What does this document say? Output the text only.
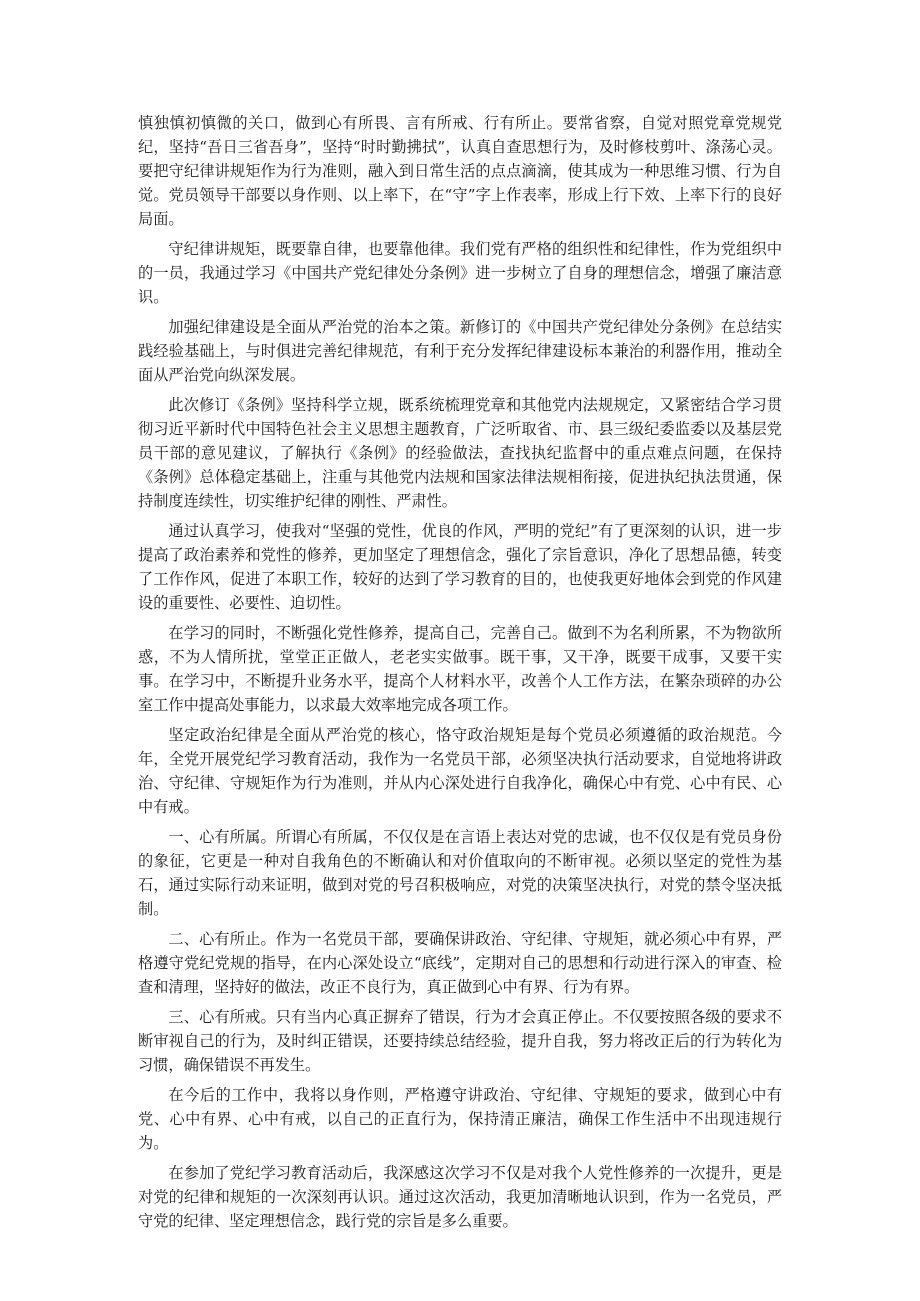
慎独慎初慎微的关口，做到心有所畏、言有所戒、行有所止。要常省察，自觉对照党章党规党纪，坚持“吾日三省吾身”，坚持“时时勤拂拭”，认真自查思想行为，及时修枝剪叶、涤荡心灵。要把守纪律讲规矩作为行为准则，融入到日常生活的点点滴滴，使其成为一种思维习惯、行为自觉。党员领导干部要以身作则、以上率下，在“守”字上作表率，形成上行下效、上率下行的良好局面。

守纪律讲规矩，既要靠自律，也要靠他律。我们党有严格的组织性和纪律性，作为党组织中的一员，我通过学习《中国共产党纪律处分条例》进一步树立了自身的理想信念，增强了廉洁意识。

加强纪律建设是全面从严治党的治本之策。新修订的《中国共产党纪律处分条例》在总结实践经验基础上，与时俱进完善纪律规范，有利于充分发挥纪律建设标本兼治的利器作用，推动全面从严治党向纵深发展。

此次修订《条例》坚持科学立规，既系统梳理党章和其他党内法规规定，又紧密结合学习贯彻习近平新时代中国特色社会主义思想主题教育，广泛听取省、市、县三级纪委监委以及基层党员干部的意见建议，了解执行《条例》的经验做法，查找执纪监督中的重点难点问题，在保持《条例》总体稳定基础上，注重与其他党内法规和国家法律法规相衔接，促进执纪执法贯通，保持制度连续性，切实维护纪律的刚性、严肃性。

通过认真学习，使我对“坚强的党性，优良的作风，严明的党纪”有了更深刻的认识，进一步提高了政治素养和党性的修养，更加坚定了理想信念，强化了宗旨意识，净化了思想品德，转变了工作作风，促进了本职工作，较好的达到了学习教育的目的，也使我更好地体会到党的作风建设的重要性、必要性、迫切性。

在学习的同时，不断强化党性修养，提高自己，完善自己。做到不为名利所累，不为物欲所惑，不为人情所扰，堂堂正正做人，老老实实做事。既干事，又干净，既要干成事，又要干实事。在学习中，不断提升业务水平，提高个人材料水平，改善个人工作方法，在繁杂琐碎的办公室工作中提高处事能力，以求最大效率地完成各项工作。

坚定政治纪律是全面从严治党的核心，恪守政治规矩是每个党员必须遵循的政治规范。今年，全党开展党纪学习教育活动，我作为一名党员干部，必须坚决执行活动要求，自觉地将讲政治、守纪律、守规矩作为行为准则，并从内心深处进行自我净化，确保心中有党、心中有民、心中有戒。

一、心有所属。所谓心有所属，不仅仅是在言语上表达对党的忠诚，也不仅仅是有党员身份的象征，它更是一种对自我角色的不断确认和对价值取向的不断审视。必须以坚定的党性为基石，通过实际行动来证明，做到对党的号召积极响应，对党的决策坚决执行，对党的禁令坚决抵制。

二、心有所止。作为一名党员干部，要确保讲政治、守纪律、守规矩，就必须心中有界，严格遵守党纪党规的指导，在内心深处设立“底线”，定期对自己的思想和行动进行深入的审查、检查和清理，坚持好的做法，改正不良行为，真正做到心中有界、行为有界。

三、心有所戒。只有当内心真正摒弃了错误，行为才会真正停止。不仅要按照各级的要求不断审视自己的行为，及时纠正错误，还要持续总结经验，提升自我，努力将改正后的行为转化为习惯，确保错误不再发生。

在今后的工作中，我将以身作则，严格遵守讲政治、守纪律、守规矩的要求，做到心中有党、心中有界、心中有戒，以自己的正直行为，保持清正廉洁，确保工作生活中不出现违规行为。

在参加了党纪学习教育活动后，我深感这次学习不仅是对我个人党性修养的一次提升，更是对党的纪律和规矩的一次深刻再认识。通过这次活动，我更加清晰地认识到，作为一名党员，严守党的纪律、坚定理想信念，践行党的宗旨是多么重要。
